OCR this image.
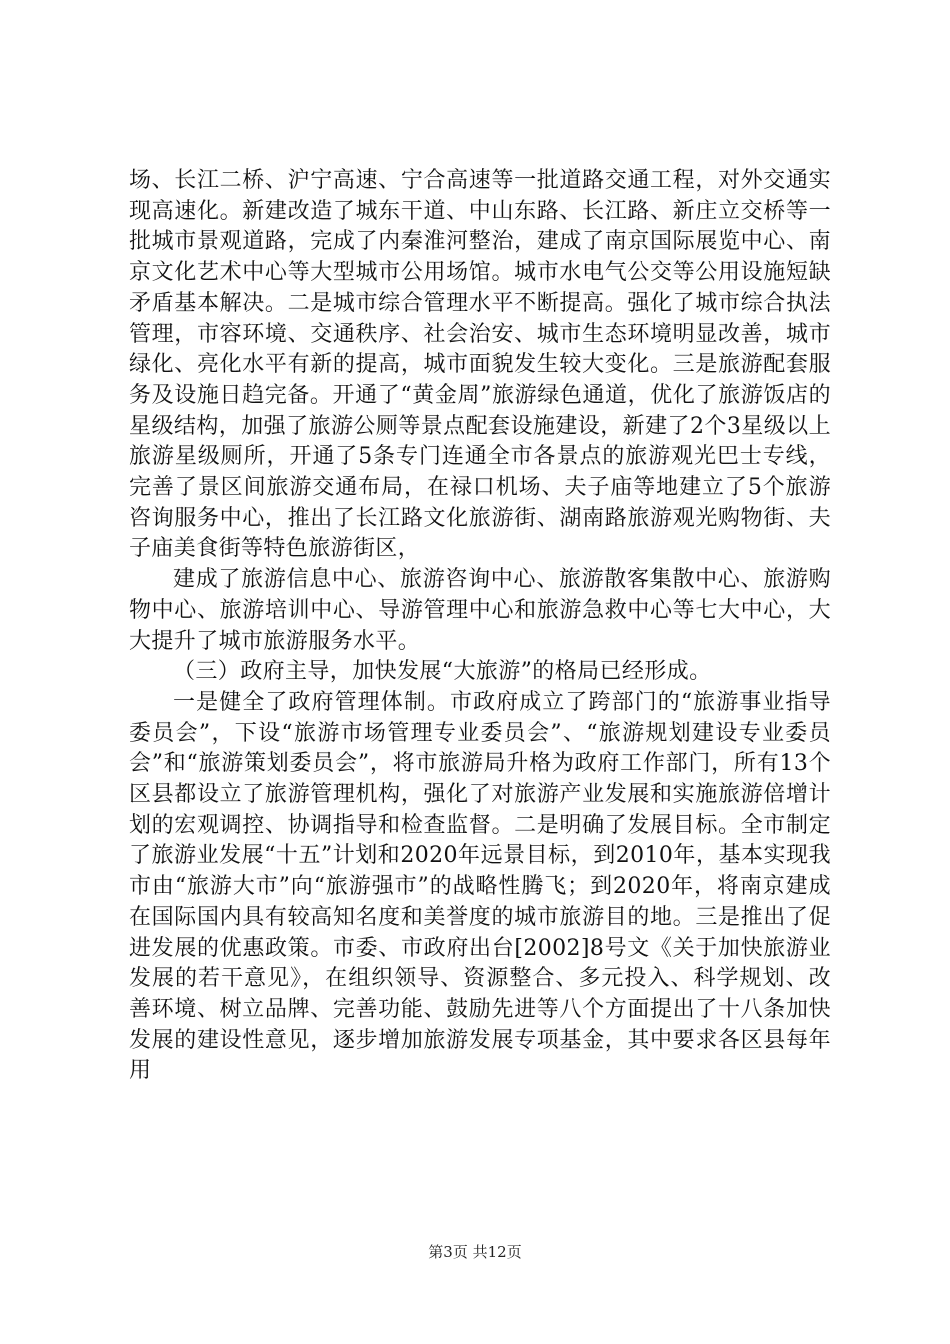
场、长江二桥、沪宁高速、宁合高速等一批道路交通工程，对外交通实现高速化。新建改造了城东干道、中山东路、长江路、新庄立交桥等一批城市景观道路，完成了内秦淮河整治，建成了南京国际展览中心、南京文化艺术中心等大型城市公用场馆。城市水电气公交等公用设施短缺矛盾基本解决。二是城市综合管理水平不断提高。强化了城市综合执法管理，市容环境、交通秩序、社会治安、城市生态环境明显改善，城市绿化、亮化水平有新的提高，城市面貌发生较大变化。三是旅游配套服务及设施日趋完备。开通了“黄金周”旅游绿色通道，优化了旅游饭店的星级结构，加强了旅游公厕等景点配套设施建设，新建了2个3星级以上旅游星级厕所，开通了5条专门连通全市各景点的旅游观光巴士专线，完善了景区间旅游交通布局，在禄口机场、夫子庙等地建立了5个旅游咨询服务中心，推出了长江路文化旅游街、湖南路旅游观光购物街、夫子庙美食街等特色旅游街区，

建成了旅游信息中心、旅游咨询中心、旅游散客集散中心、旅游购物中心、旅游培训中心、导游管理中心和旅游急救中心等七大中心，大大提升了城市旅游服务水平。

（三）政府主导，加快发展“大旅游”的格局已经形成。

一是健全了政府管理体制。市政府成立了跨部门的“旅游事业指导委员会”，下设“旅游市场管理专业委员会”、“旅游规划建设专业委员会”和“旅游策划委员会”，将市旅游局升格为政府工作部门，所有13个区县都设立了旅游管理机构，强化了对旅游产业发展和实施旅游倍增计划的宏观调控、协调指导和检查监督。二是明确了发展目标。全市制定了旅游业发展“十五”计划和2020年远景目标，到2010年，基本实现我市由“旅游大市”向“旅游强市”的战略性腾飞；到2020年，将南京建成在国际国内具有较高知名度和美誉度的城市旅游目的地。三是推出了促进发展的优惠政策。市委、市政府出台[2002]8号文《关于加快旅游业发展的若干意见》，在组织领导、资源整合、多元投入、科学规划、改善环境、树立品牌、完善功能、鼓励先进等八个方面提出了十八条加快发展的建设性意见，逐步增加旅游发展专项基金，其中要求各区县每年用

第3页 共12页
